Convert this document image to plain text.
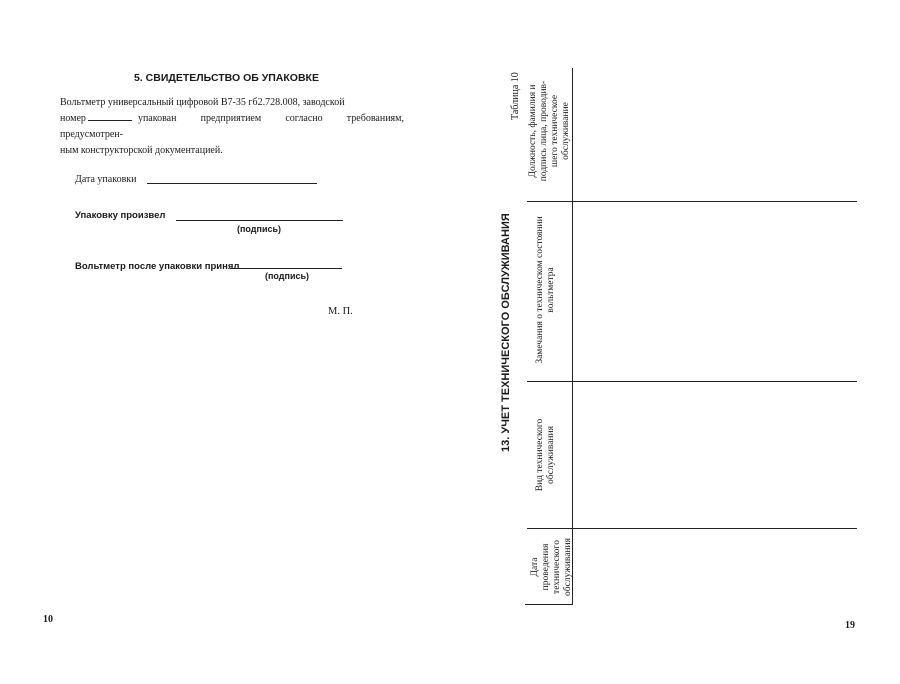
5. СВИДЕТЕЛЬСТВО ОБ УПАКОВКЕ
Вольтметр универсальный цифровой В7-35 гб2.728.008, заводской
номер	упакован предприятием согласно требованиям, предусмотрен-
ным конструкторской документацией.
Дата упаковки
Упаковку произвел
(подпись)
Вольтметр после упаковки принял
(подпись)
М. П.
10
13. УЧЕТ ТЕХНИЧЕСКОГО ОБСЛУЖИВАНИЯ
Таблица 10
Дата проведения технического обслуживания
Вид технического обслуживания
Замечания о техническом состоянии вольтметра
Должность, фамилия и подпись лица, проводив- шего техническое обслуживание
19
